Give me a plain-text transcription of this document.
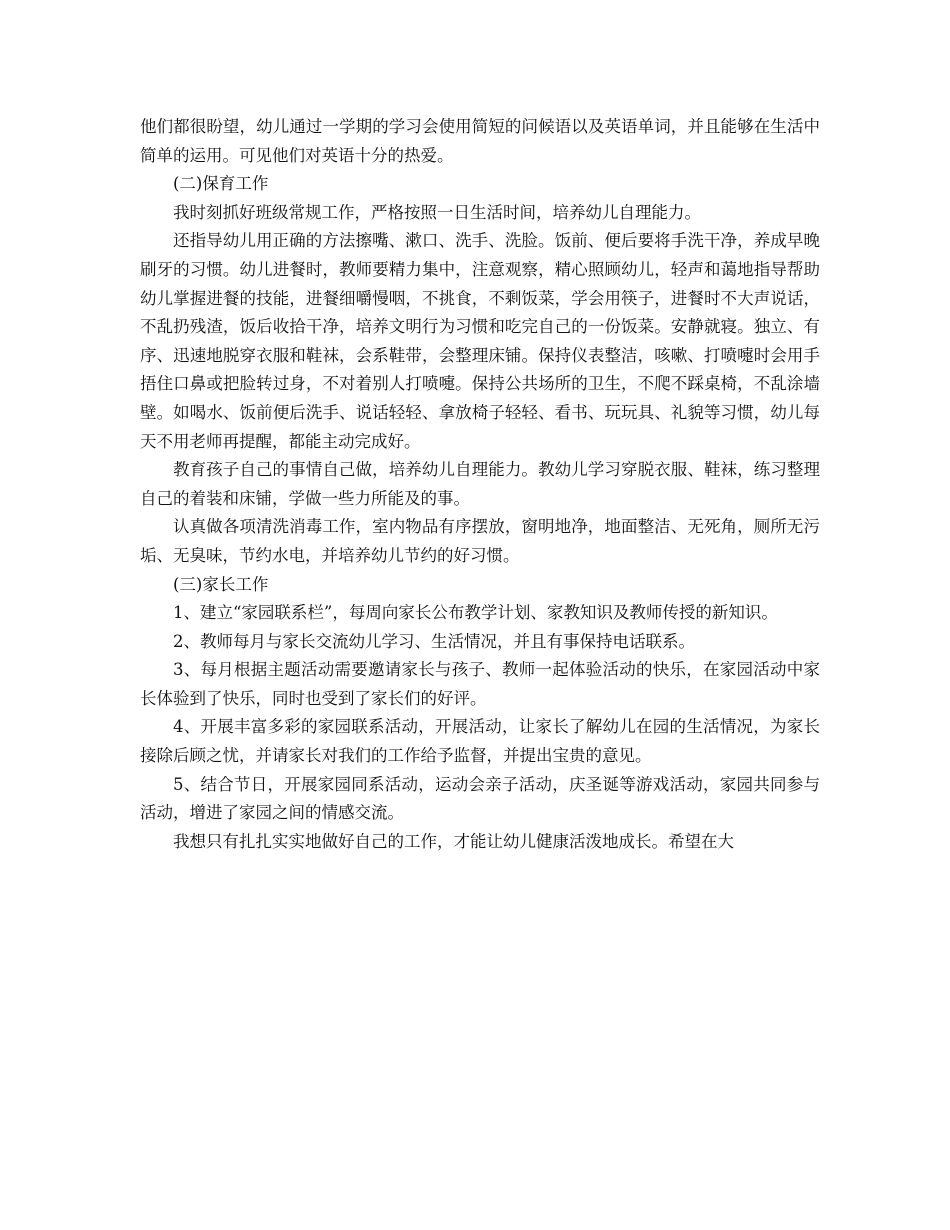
他们都很盼望，幼儿通过一学期的学习会使用简短的问候语以及英语单词，并且能够在生活中简单的运用。可见他们对英语十分的热爱。

(二)保育工作

我时刻抓好班级常规工作，严格按照一日生活时间，培养幼儿自理能力。

还指导幼儿用正确的方法擦嘴、漱口、洗手、洗脸。饭前、便后要将手洗干净，养成早晚刷牙的习惯。幼儿进餐时，教师要精力集中，注意观察，精心照顾幼儿，轻声和蔼地指导帮助幼儿掌握进餐的技能，进餐细嚼慢咽，不挑食，不剩饭菜，学会用筷子，进餐时不大声说话，不乱扔残渣，饭后收拾干净，培养文明行为习惯和吃完自己的一份饭菜。安静就寝。独立、有序、迅速地脱穿衣服和鞋袜，会系鞋带，会整理床铺。保持仪表整洁，咳嗽、打喷嚏时会用手捂住口鼻或把脸转过身，不对着别人打喷嚏。保持公共场所的卫生，不爬不踩桌椅，不乱涂墙壁。如喝水、饭前便后洗手、说话轻轻、拿放椅子轻轻、看书、玩玩具、礼貌等习惯，幼儿每天不用老师再提醒，都能主动完成好。

教育孩子自己的事情自己做，培养幼儿自理能力。教幼儿学习穿脱衣服、鞋袜，练习整理自己的着装和床铺，学做一些力所能及的事。

认真做各项清洗消毒工作，室内物品有序摆放，窗明地净，地面整洁、无死角，厕所无污垢、无臭味，节约水电，并培养幼儿节约的好习惯。

(三)家长工作

1、建立“家园联系栏”，每周向家长公布教学计划、家教知识及教师传授的新知识。

2、教师每月与家长交流幼儿学习、生活情况，并且有事保持电话联系。

3、每月根据主题活动需要邀请家长与孩子、教师一起体验活动的快乐，在家园活动中家长体验到了快乐，同时也受到了家长们的好评。

4、开展丰富多彩的家园联系活动，开展活动，让家长了解幼儿在园的生活情况，为家长接除后顾之忧，并请家长对我们的工作给予监督，并提出宝贵的意见。

5、结合节日，开展家园同系活动，运动会亲子活动，庆圣诞等游戏活动，家园共同参与活动，增进了家园之间的情感交流。

我想只有扎扎实实地做好自己的工作，才能让幼儿健康活泼地成长。希望在大
